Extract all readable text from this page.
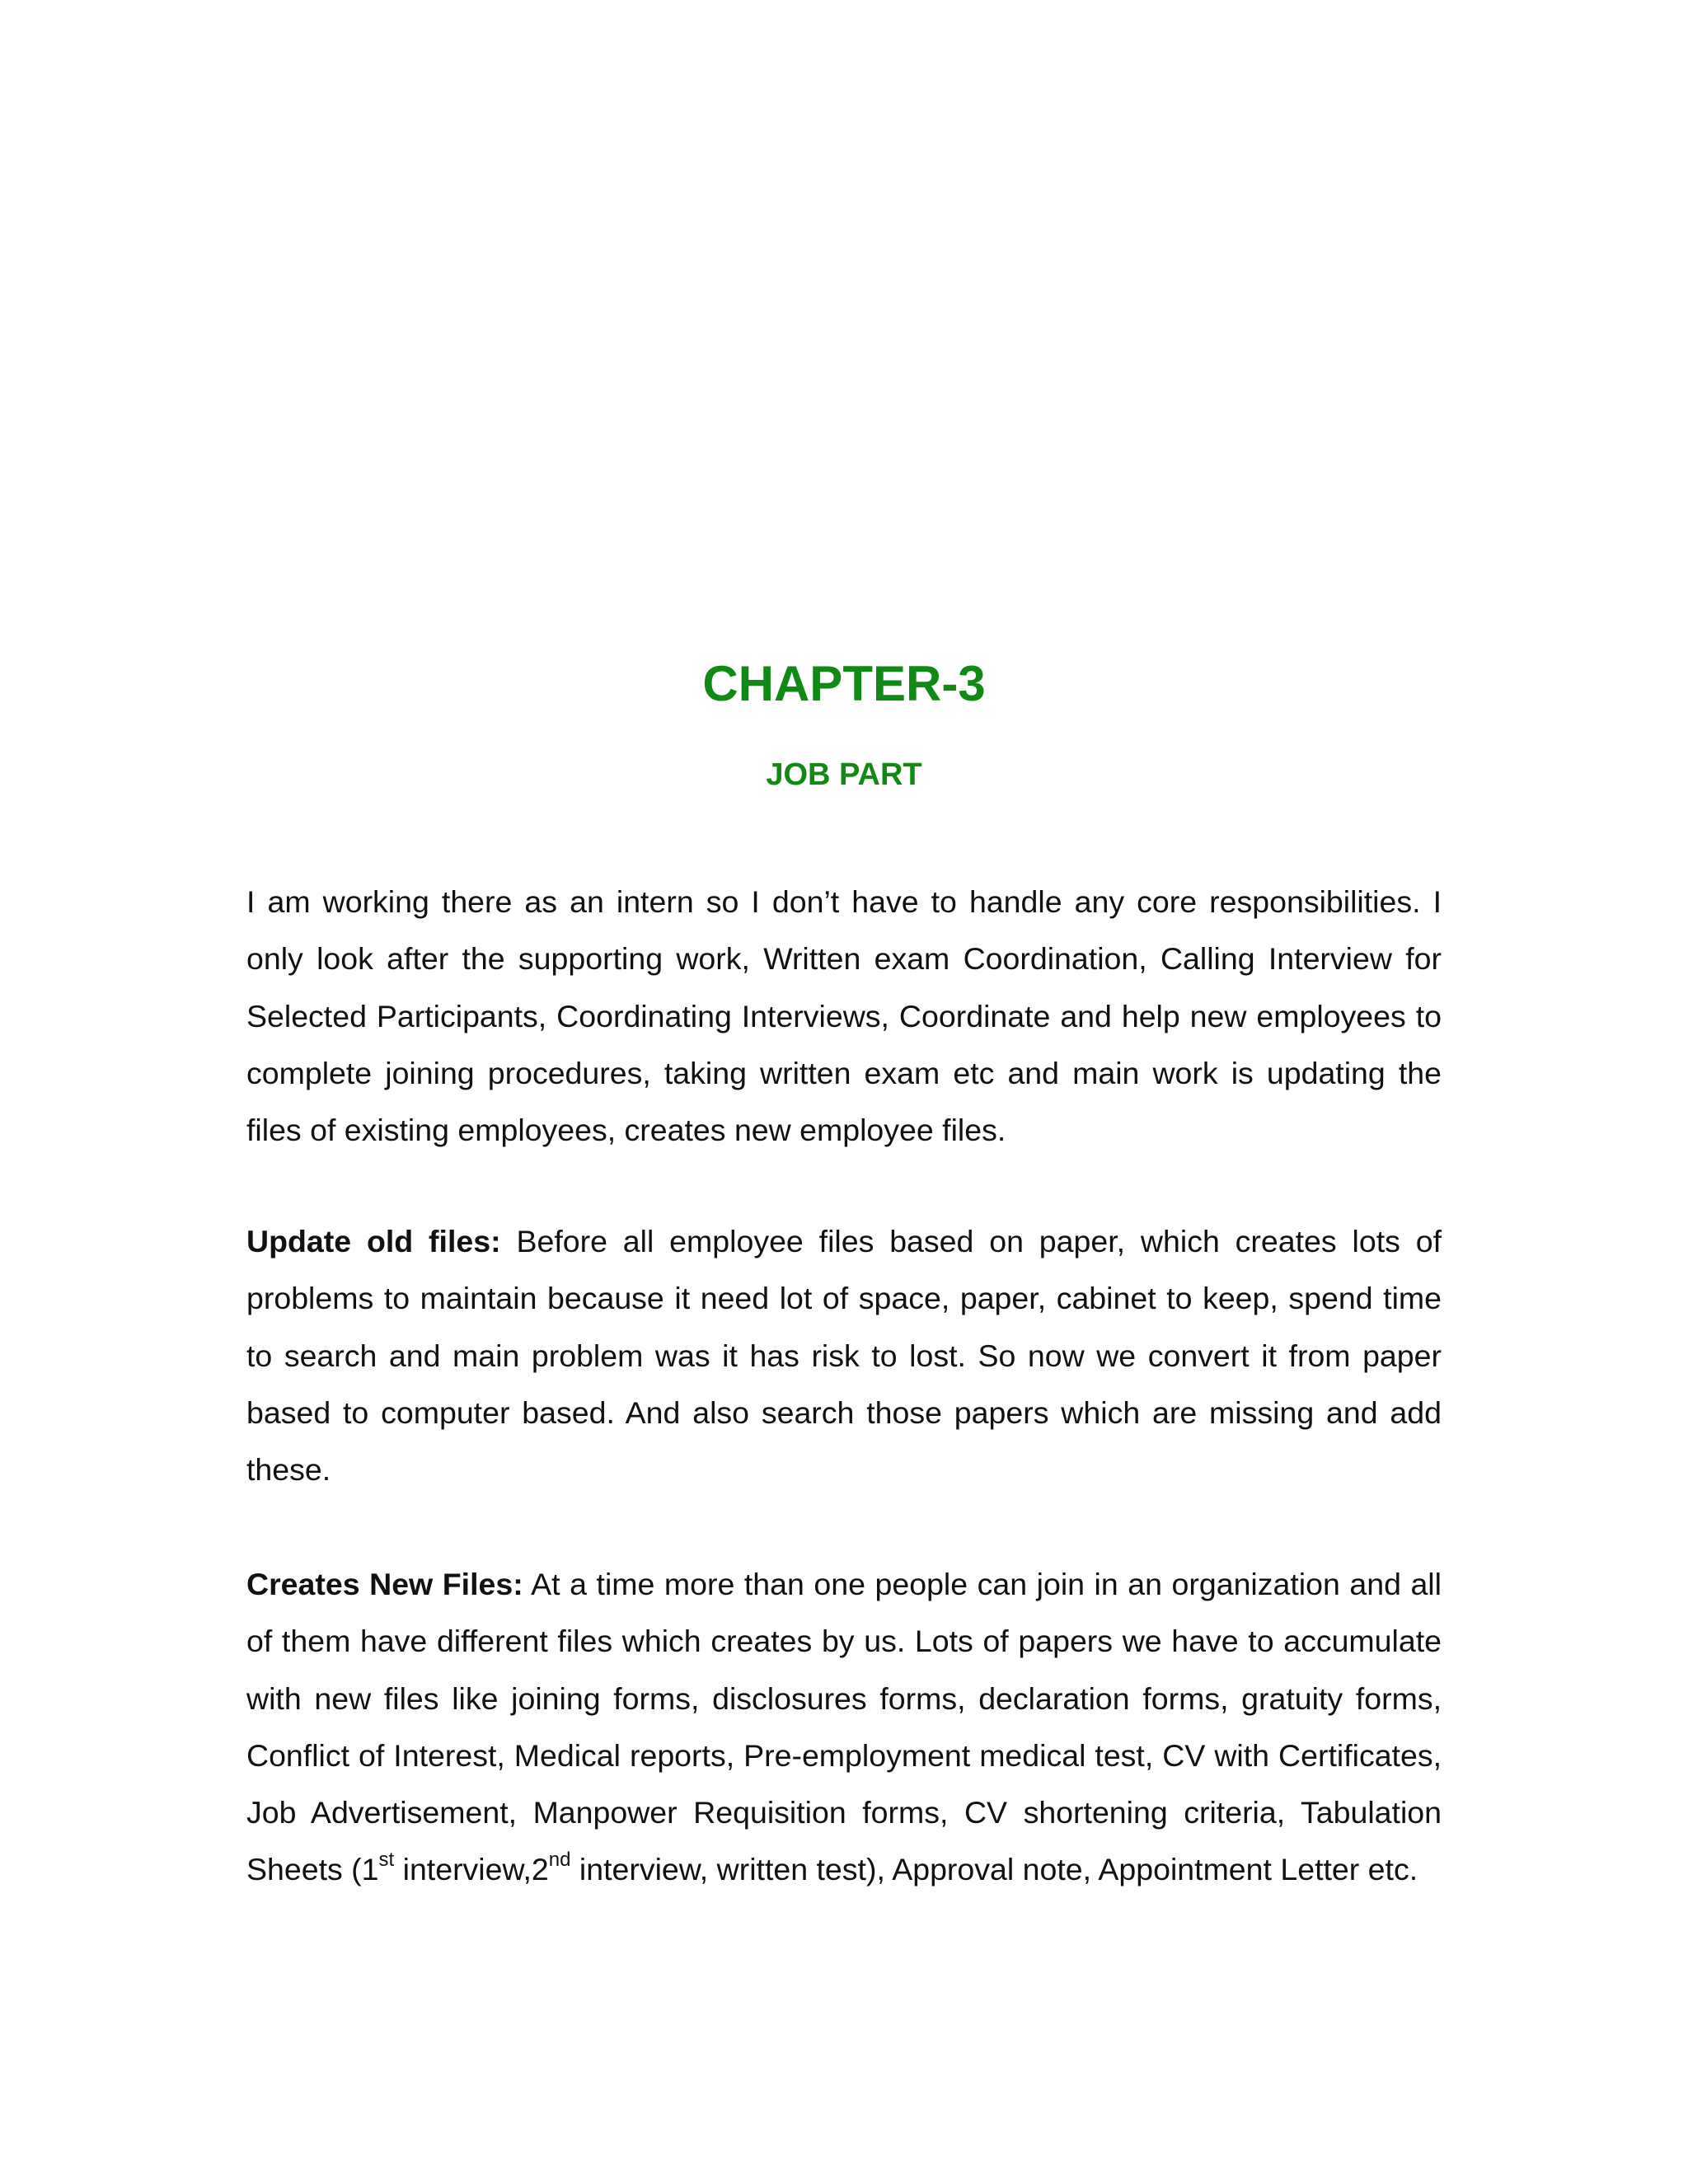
CHAPTER-3
JOB PART

I am working there as an intern so I don’t have to handle any core responsibilities. I only look after the supporting work, Written exam Coordination, Calling Interview for Selected Participants, Coordinating Interviews, Coordinate and help new employees to complete joining procedures, taking written exam etc and main work is updating the files of existing employees, creates new employee files.

Update old files: Before all employee files based on paper, which creates lots of problems to maintain because it need lot of space, paper, cabinet to keep, spend time to search and main problem was it has risk to lost. So now we convert it from paper based to computer based. And also search those papers which are missing and add these.

Creates New Files: At a time more than one people can join in an organization and all of them have different files which creates by us. Lots of papers we have to accumulate with new files like joining forms, disclosures forms, declaration forms, gratuity forms, Conflict of Interest, Medical reports, Pre-employment medical test, CV with Certificates, Job Advertisement, Manpower Requisition forms, CV shortening criteria, Tabulation Sheets (1st interview,2nd interview, written test), Approval note, Appointment Letter etc.
